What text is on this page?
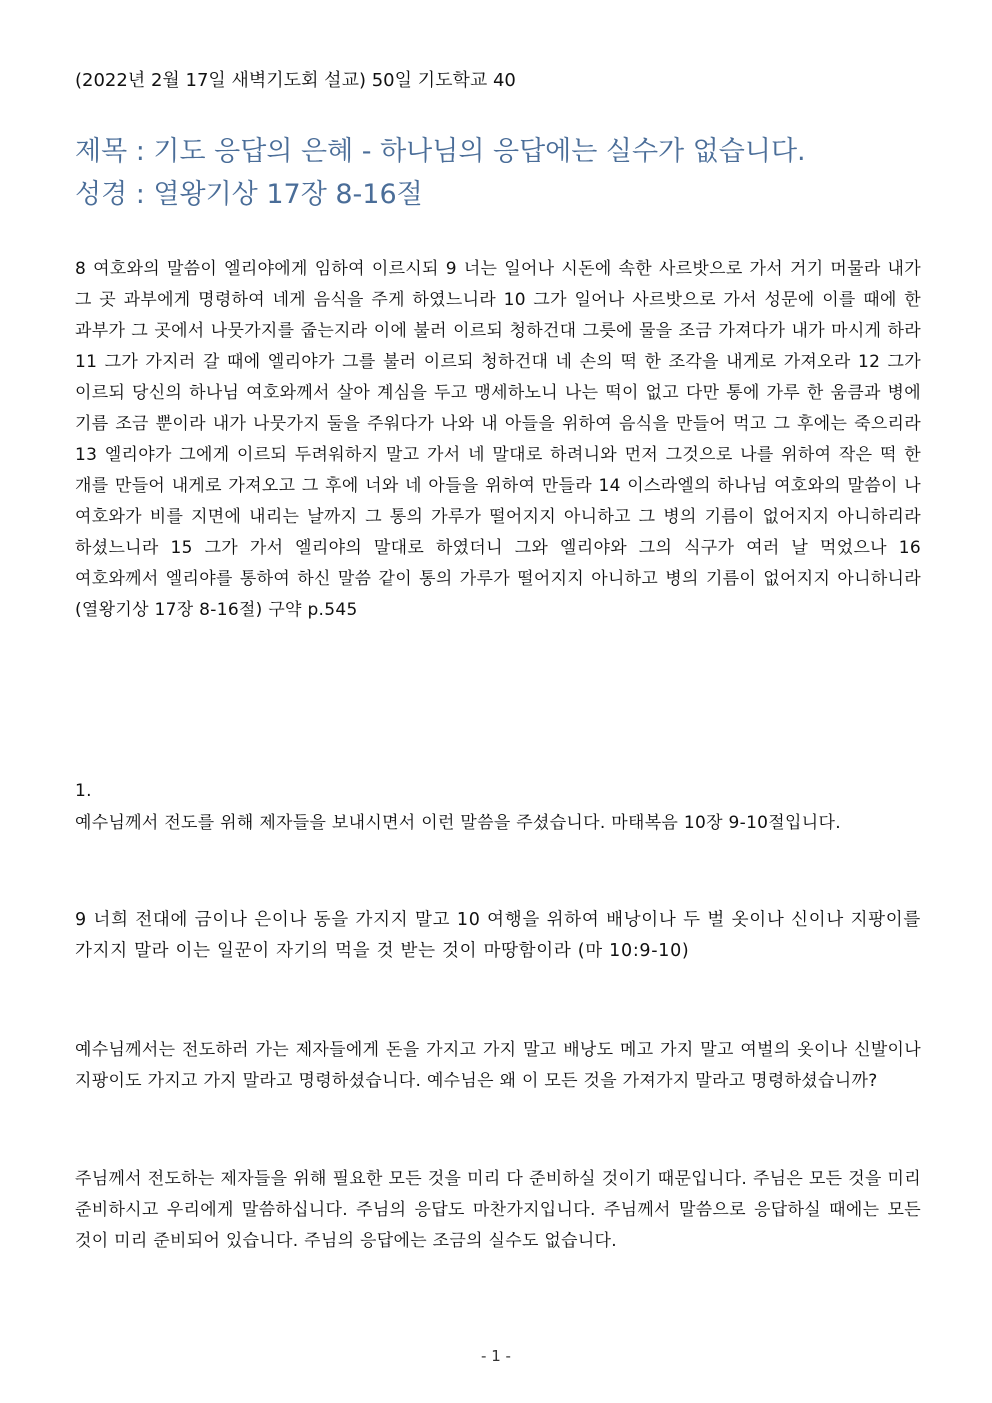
(2022년 2월 17일 새벽기도회 설교) 50일 기도학교 40
제목 : 기도 응답의 은혜 - 하나님의 응답에는 실수가 없습니다.
성경 : 열왕기상 17장 8-16절

8 여호와의 말씀이 엘리야에게 임하여 이르시되 9 너는 일어나 시돈에 속한 사르밧으로 가서 거기 머물라 내가 그 곳 과부에게 명령하여 네게 음식을 주게 하였느니라 10 그가 일어나 사르밧으로 가서 성문에 이를 때에 한 과부가 그 곳에서 나뭇가지를 줍는지라 이에 불러 이르되 청하건대 그릇에 물을 조금 가져다가 내가 마시게 하라 11 그가 가지러 갈 때에 엘리야가 그를 불러 이르되 청하건대 네 손의 떡 한 조각을 내게로 가져오라 12 그가 이르되 당신의 하나님 여호와께서 살아 계심을 두고 맹세하노니 나는 떡이 없고 다만 통에 가루 한 움큼과 병에 기름 조금 뿐이라 내가 나뭇가지 둘을 주워다가 나와 내 아들을 위하여 음식을 만들어 먹고 그 후에는 죽으리라 13 엘리야가 그에게 이르되 두려워하지 말고 가서 네 말대로 하려니와 먼저 그것으로 나를 위하여 작은 떡 한 개를 만들어 내게로 가져오고 그 후에 너와 네 아들을 위하여 만들라 14 이스라엘의 하나님 여호와의 말씀이 나 여호와가 비를 지면에 내리는 날까지 그 통의 가루가 떨어지지 아니하고 그 병의 기름이 없어지지 아니하리라 하셨느니라 15 그가 가서 엘리야의 말대로 하였더니 그와 엘리야와 그의 식구가 여러 날 먹었으나 16 여호와께서 엘리야를 통하여 하신 말씀 같이 통의 가루가 떨어지지 아니하고 병의 기름이 없어지지 아니하니라 (열왕기상 17장 8-16절) 구약 p.545

1.

예수님께서 전도를 위해 제자들을 보내시면서 이런 말씀을 주셨습니다. 마태복음 10장 9-10절입니다.

9 너희 전대에 금이나 은이나 동을 가지지 말고 10 여행을 위하여 배낭이나 두 벌 옷이나 신이나 지팡이를 가지지 말라 이는 일꾼이 자기의 먹을 것 받는 것이 마땅함이라 (마 10:9-10)

예수님께서는 전도하러 가는 제자들에게 돈을 가지고 가지 말고 배낭도 메고 가지 말고 여벌의 옷이나 신발이나 지팡이도 가지고 가지 말라고 명령하셨습니다. 예수님은 왜 이 모든 것을 가져가지 말라고 명령하셨습니까?

주님께서 전도하는 제자들을 위해 필요한 모든 것을 미리 다 준비하실 것이기 때문입니다. 주님은 모든 것을 미리 준비하시고 우리에게 말씀하십니다. 주님의 응답도 마찬가지입니다. 주님께서 말씀으로 응답하실 때에는 모든 것이 미리 준비되어 있습니다. 주님의 응답에는 조금의 실수도 없습니다.

- 1 -
